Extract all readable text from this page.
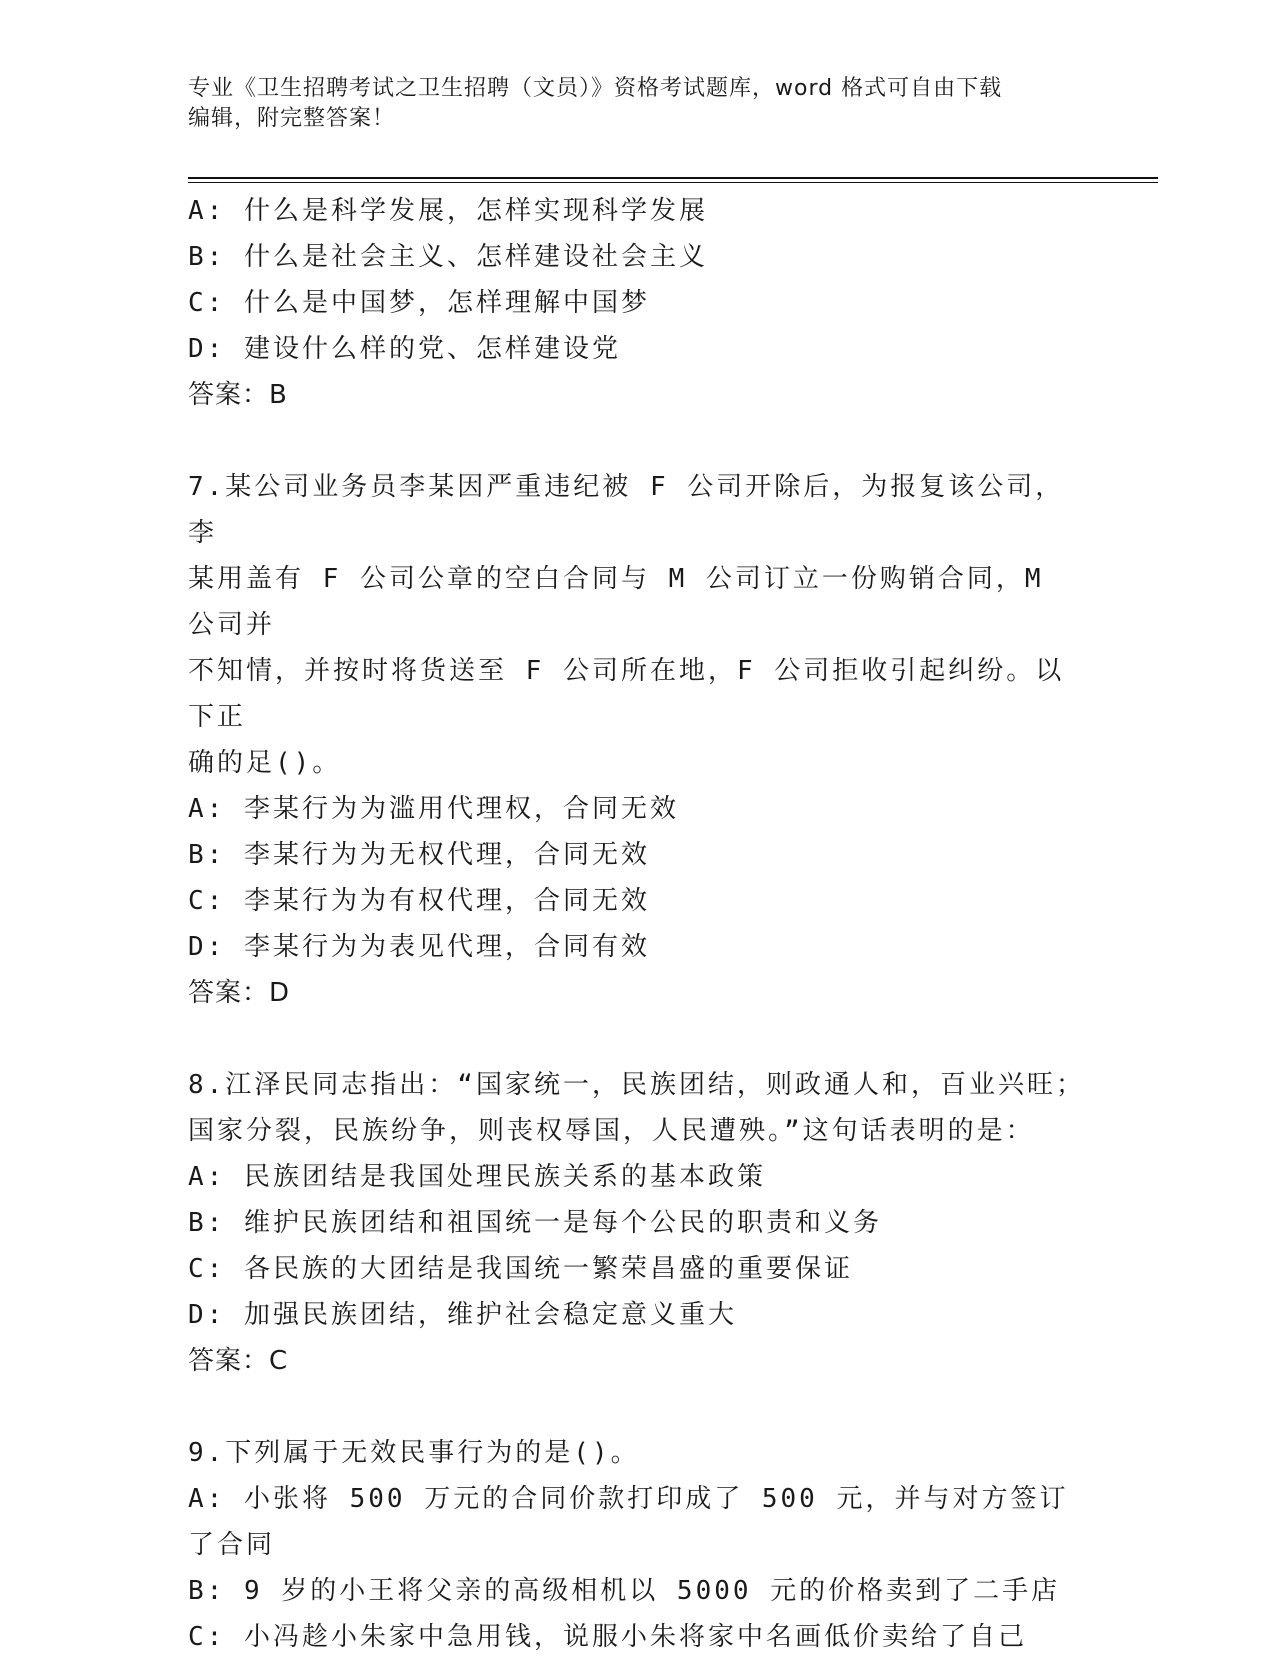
专业《卫生招聘考试之卫生招聘（文员）》资格考试题库，word 格式可自由下载
编辑，附完整答案！
A: 什么是科学发展，怎样实现科学发展
B: 什么是社会主义、怎样建设社会主义
C: 什么是中国梦，怎样理解中国梦
D: 建设什么样的党、怎样建设党
答案：B
7.某公司业务员李某因严重违纪被 F 公司开除后，为报复该公司，李
某用盖有 F 公司公章的空白合同与 M 公司订立一份购销合同，M 公司并
不知情，并按时将货送至 F 公司所在地，F 公司拒收引起纠纷。以下正
确的足()。
A: 李某行为为滥用代理权，合同无效
B: 李某行为为无权代理，合同无效
C: 李某行为为有权代理，合同无效
D: 李某行为为表见代理，合同有效
答案：D
8.江泽民同志指出：“国家统一，民族团结，则政通人和，百业兴旺；
国家分裂，民族纷争，则丧权辱国，人民遭殃。”这句话表明的是：
A: 民族团结是我国处理民族关系的基本政策
B: 维护民族团结和祖国统一是每个公民的职责和义务
C: 各民族的大团结是我国统一繁荣昌盛的重要保证
D: 加强民族团结，维护社会稳定意义重大
答案：C
9.下列属于无效民事行为的是()。
A: 小张将 500 万元的合同价款打印成了 500 元，并与对方签订了合同
B: 9 岁的小王将父亲的高级相机以 5000 元的价格卖到了二手店
C: 小冯趁小朱家中急用钱，说服小朱将家中名画低价卖给了自己
